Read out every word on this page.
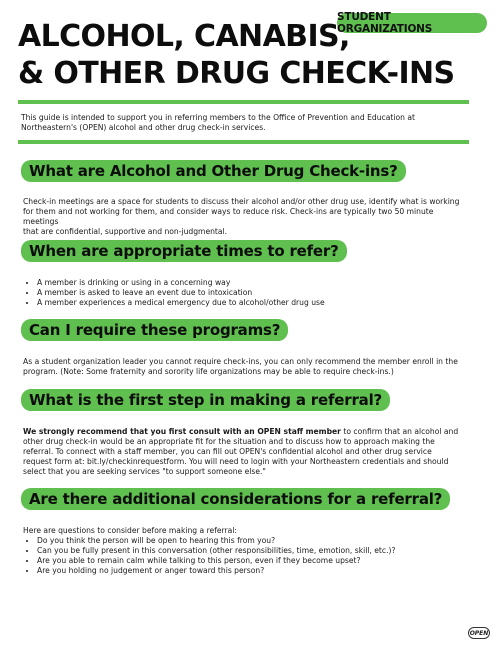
STUDENT ORGANIZATIONS
ALCOHOL, CANABIS,
& OTHER DRUG CHECK-INS

This guide is intended to support you in referring members to the Office of Prevention and Education at
Northeastern's (OPEN) alcohol and other drug check-in services.

What are Alcohol and Other Drug Check-ins?

Check-in meetings are a space for students to discuss their alcohol and/or other drug use, identify what is working
for them and not working for them, and consider ways to reduce risk. Check-ins are typically two 50 minute meetings
that are confidential, supportive and non-judgmental.

When are appropriate times to refer?
• A member is drinking or using in a concerning way
• A member is asked to leave an event due to intoxication
• A member experiences a medical emergency due to alcohol/other drug use
Can I require these programs?

As a student organization leader you cannot require check-ins, you can only recommend the member enroll in the
program. (Note: Some fraternity and sorority life organizations may be able to require check-ins.)

What is the first step in making a referral?

We strongly recommend that you first consult with an OPEN staff member to confirm that an alcohol and
other drug check-in would be an appropriate fit for the situation and to discuss how to approach making the
referral. To connect with a staff member, you can fill out OPEN's confidential alcohol and other drug service
request form at: bit.ly/checkinrequestform. You will need to login with your Northeastern credentials and should
select that you are seeking services "to support someone else."

Are there additional considerations for a referral?

Here are questions to consider before making a referral:

• Do you think the person will be open to hearing this from you?
• Can you be fully present in this conversation (other responsibilities, time, emotion, skill, etc.)?
• Are you able to remain calm while talking to this person, even if they become upset?
• Are you holding no judgement or anger toward this person?
OPEN
